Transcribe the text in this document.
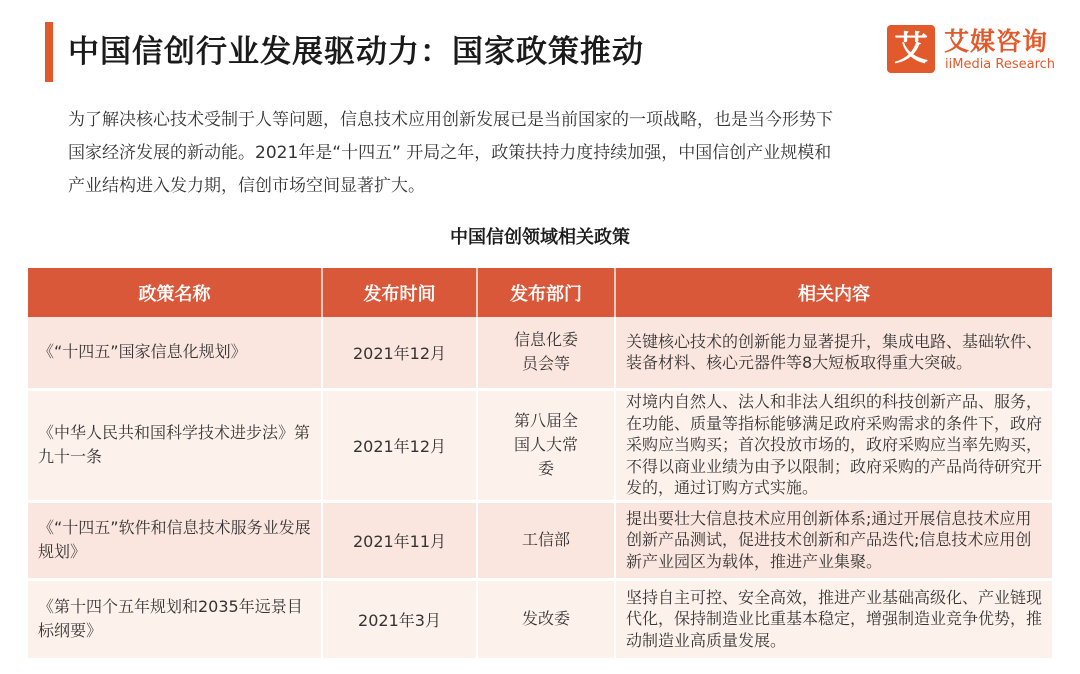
中国信创行业发展驱动力：国家政策推动	艾 艾媒咨询
iiMedia Research

为了解决核心技术受制于人等问题，信息技术应用创新发展已是当前国家的一项战略，也是当今形势下

国家经济发展的新动能。2021年是“十四五” 开局之年，政策扶持力度持续加强，中国信创产业规模和

产业结构进入发力期，信创市场空间显著扩大。

中国信创领域相关政策
政策名称	发布时间	发布部门	相关内容
《“十四五”国家信息化规划》	2021年12月	信息化委员会等	关键核心技术的创新能力显著提升，集成电路、基础软件、装备材料、核心元器件等8大短板取得重大突破。
《中华人民共和国科学技术进步法》第九十一条	2021年12月	第八届全国人大常委	对境内自然人、法人和非法人组织的科技创新产品、服务，在功能、质量等指标能够满足政府采购需求的条件下，政府采购应当购买；首次投放市场的，政府采购应当率先购买，不得以商业业绩为由予以限制；政府采购的产品尚待研究开发的，通过订购方式实施。
《“十四五”软件和信息技术服务业发展规划》	2021年11月	工信部	提出要壮大信息技术应用创新体系;通过开展信息技术应用创新产品测试，促进技术创新和产品迭代;信息技术应用创新产业园区为载体，推进产业集聚。
《第十四个五年规划和2035年远景目标纲要》	2021年3月	发改委	坚持自主可控、安全高效，推进产业基础高级化、产业链现代化，保持制造业比重基本稳定，增强制造业竞争优势，推动制造业高质量发展。
